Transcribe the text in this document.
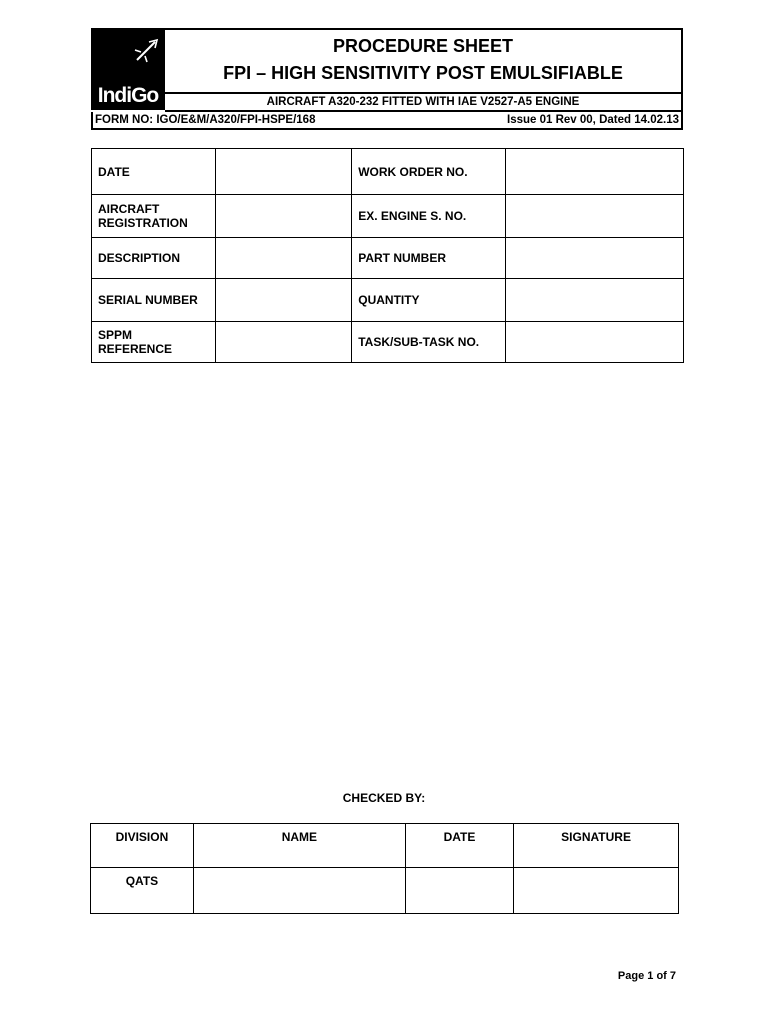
IndiGo
PROCEDURE SHEET
FPI – HIGH SENSITIVITY POST EMULSIFIABLE
AIRCRAFT A320-232 FITTED WITH IAE V2527-A5 ENGINE
FORM NO: IGO/E&M/A320/FPI-HSPE/168	Issue 01 Rev 00, Dated 14.02.13
DATE		WORK ORDER NO.	
AIRCRAFT REGISTRATION		EX. ENGINE S. NO.	
DESCRIPTION		PART NUMBER	
SERIAL NUMBER		QUANTITY	
SPPM REFERENCE		TASK/SUB-TASK NO.	
CHECKED BY:
DIVISION	NAME	DATE	SIGNATURE
QATS			
Page 1 of 7
